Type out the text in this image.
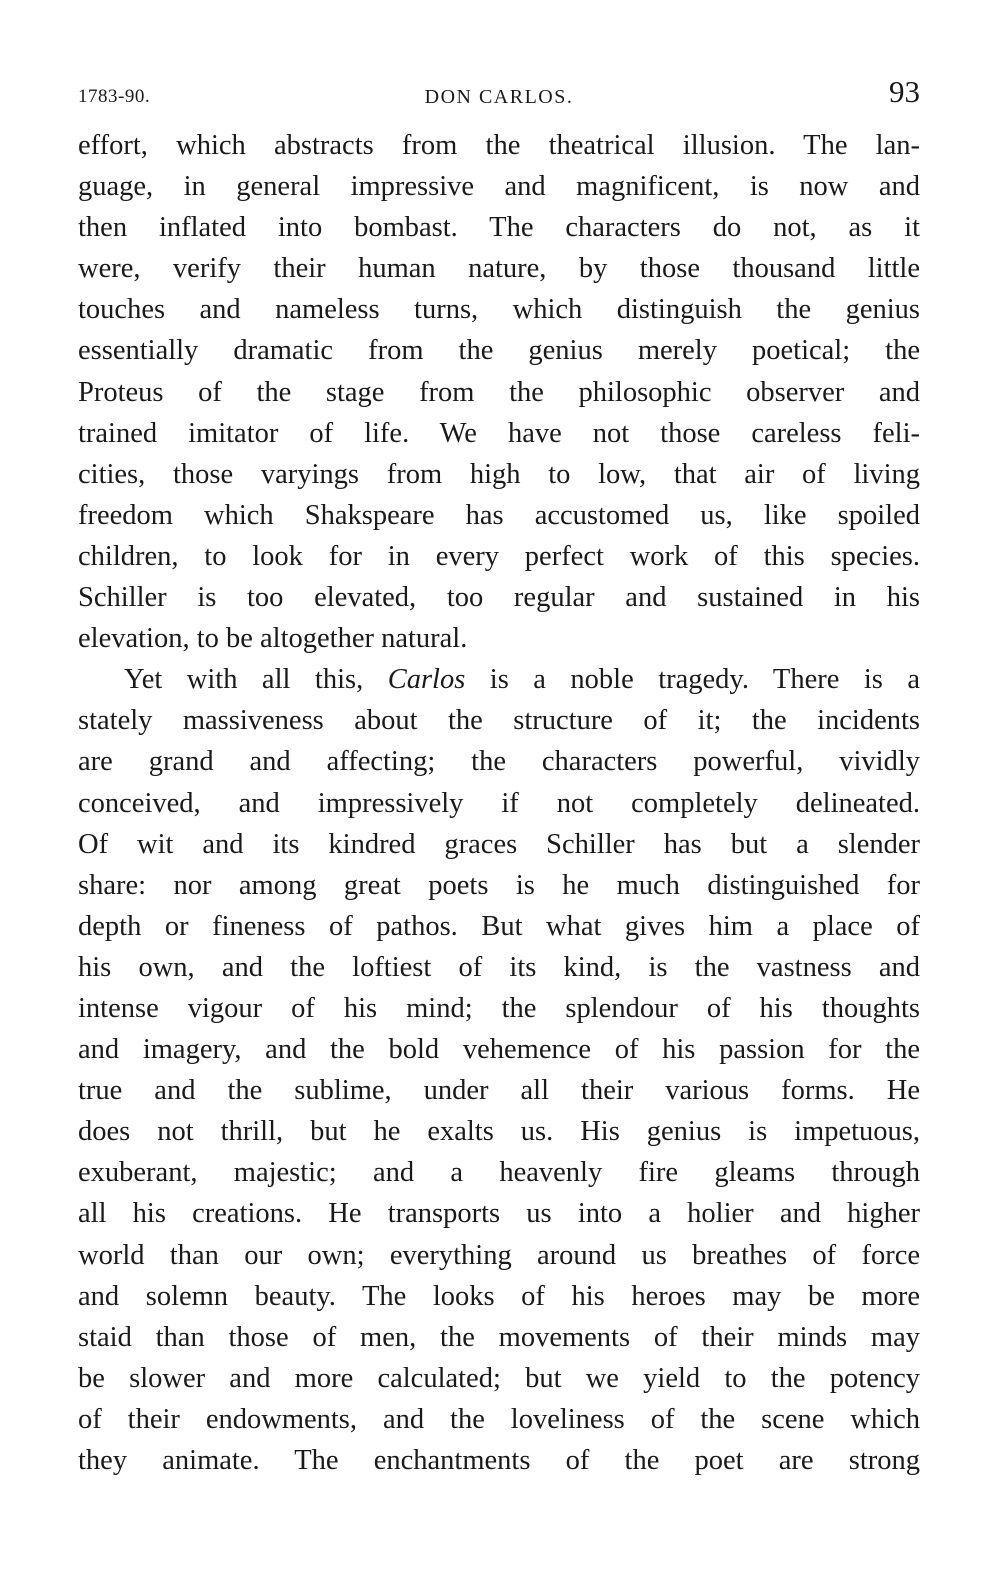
1783-90.	DON CARLOS.	93
effort, which abstracts from the theatrical illusion. The lan-
guage, in general impressive and magnificent, is now and
then inflated into bombast. The characters do not, as it
were, verify their human nature, by those thousand little
touches and nameless turns, which distinguish the genius
essentially dramatic from the genius merely poetical; the
Proteus of the stage from the philosophic observer and
trained imitator of life. We have not those careless feli-
cities, those varyings from high to low, that air of living
freedom which Shakspeare has accustomed us, like spoiled
children, to look for in every perfect work of this species.
Schiller is too elevated, too regular and sustained in his
elevation, to be altogether natural.
Yet with all this, Carlos is a noble tragedy. There is a
stately massiveness about the structure of it; the incidents
are grand and affecting; the characters powerful, vividly
conceived, and impressively if not completely delineated.
Of wit and its kindred graces Schiller has but a slender
share: nor among great poets is he much distinguished for
depth or fineness of pathos. But what gives him a place of
his own, and the loftiest of its kind, is the vastness and
intense vigour of his mind; the splendour of his thoughts
and imagery, and the bold vehemence of his passion for the
true and the sublime, under all their various forms. He
does not thrill, but he exalts us. His genius is impetuous,
exuberant, majestic; and a heavenly fire gleams through
all his creations. He transports us into a holier and higher
world than our own; everything around us breathes of force
and solemn beauty. The looks of his heroes may be more
staid than those of men, the movements of their minds may
be slower and more calculated; but we yield to the potency
of their endowments, and the loveliness of the scene which
they animate. The enchantments of the poet are strong
